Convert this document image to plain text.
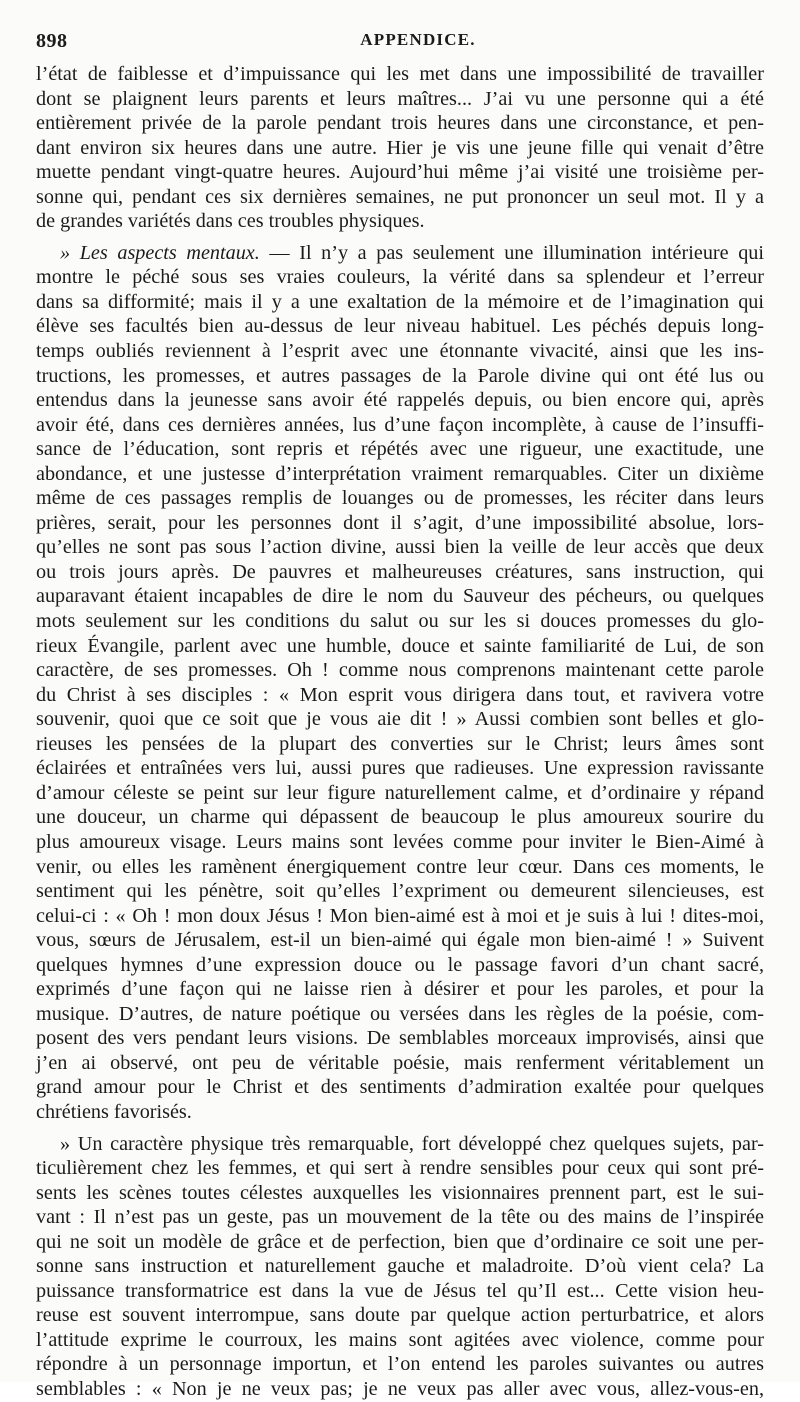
898	APPENDICE.

l’état de faiblesse et d’impuissance qui les met dans une impossibilité de travailler
dont se plaignent leurs parents et leurs maîtres... J’ai vu une personne qui a été
entièrement privée de la parole pendant trois heures dans une circonstance, et pen-
dant environ six heures dans une autre. Hier je vis une jeune fille qui venait d’être
muette pendant vingt-quatre heures. Aujourd’hui même j’ai visité une troisième per-
sonne qui, pendant ces six dernières semaines, ne put prononcer un seul mot. Il y a
de grandes variétés dans ces troubles physiques.

» Les aspects mentaux. — Il n’y a pas seulement une illumination intérieure qui
montre le péché sous ses vraies couleurs, la vérité dans sa splendeur et l’erreur
dans sa difformité; mais il y a une exaltation de la mémoire et de l’imagination qui
élève ses facultés bien au-dessus de leur niveau habituel. Les péchés depuis long-
temps oubliés reviennent à l’esprit avec une étonnante vivacité, ainsi que les ins-
tructions, les promesses, et autres passages de la Parole divine qui ont été lus ou
entendus dans la jeunesse sans avoir été rappelés depuis, ou bien encore qui, après
avoir été, dans ces dernières années, lus d’une façon incomplète, à cause de l’insuffi-
sance de l’éducation, sont repris et répétés avec une rigueur, une exactitude, une
abondance, et une justesse d’interprétation vraiment remarquables. Citer un dixième
même de ces passages remplis de louanges ou de promesses, les réciter dans leurs
prières, serait, pour les personnes dont il s’agit, d’une impossibilité absolue, lors-
qu’elles ne sont pas sous l’action divine, aussi bien la veille de leur accès que deux
ou trois jours après. De pauvres et malheureuses créatures, sans instruction, qui
auparavant étaient incapables de dire le nom du Sauveur des pécheurs, ou quelques
mots seulement sur les conditions du salut ou sur les si douces promesses du glo-
rieux Évangile, parlent avec une humble, douce et sainte familiarité de Lui, de son
caractère, de ses promesses. Oh ! comme nous comprenons maintenant cette parole
du Christ à ses disciples : « Mon esprit vous dirigera dans tout, et ravivera votre
souvenir, quoi que ce soit que je vous aie dit ! » Aussi combien sont belles et glo-
rieuses les pensées de la plupart des converties sur le Christ; leurs âmes sont
éclairées et entraînées vers lui, aussi pures que radieuses. Une expression ravissante
d’amour céleste se peint sur leur figure naturellement calme, et d’ordinaire y répand
une douceur, un charme qui dépassent de beaucoup le plus amoureux sourire du
plus amoureux visage. Leurs mains sont levées comme pour inviter le Bien-Aimé à
venir, ou elles les ramènent énergiquement contre leur cœur. Dans ces moments, le
sentiment qui les pénètre, soit qu’elles l’expriment ou demeurent silencieuses, est
celui-ci : « Oh ! mon doux Jésus ! Mon bien-aimé est à moi et je suis à lui ! dites-moi,
vous, sœurs de Jérusalem, est-il un bien-aimé qui égale mon bien-aimé ! » Suivent
quelques hymnes d’une expression douce ou le passage favori d’un chant sacré,
exprimés d’une façon qui ne laisse rien à désirer et pour les paroles, et pour la
musique. D’autres, de nature poétique ou versées dans les règles de la poésie, com-
posent des vers pendant leurs visions. De semblables morceaux improvisés, ainsi que
j’en ai observé, ont peu de véritable poésie, mais renferment véritablement un
grand amour pour le Christ et des sentiments d’admiration exaltée pour quelques
chrétiens favorisés.

» Un caractère physique très remarquable, fort développé chez quelques sujets, par-
ticulièrement chez les femmes, et qui sert à rendre sensibles pour ceux qui sont pré-
sents les scènes toutes célestes auxquelles les visionnaires prennent part, est le sui-
vant : Il n’est pas un geste, pas un mouvement de la tête ou des mains de l’inspirée
qui ne soit un modèle de grâce et de perfection, bien que d’ordinaire ce soit une per-
sonne sans instruction et naturellement gauche et maladroite. D’où vient cela? La
puissance transformatrice est dans la vue de Jésus tel qu’Il est... Cette vision heu-
reuse est souvent interrompue, sans doute par quelque action perturbatrice, et alors
l’attitude exprime le courroux, les mains sont agitées avec violence, comme pour
répondre à un personnage importun, et l’on entend les paroles suivantes ou autres
semblables : « Non je ne veux pas; je ne veux pas aller avec vous, allez-vous-en,
